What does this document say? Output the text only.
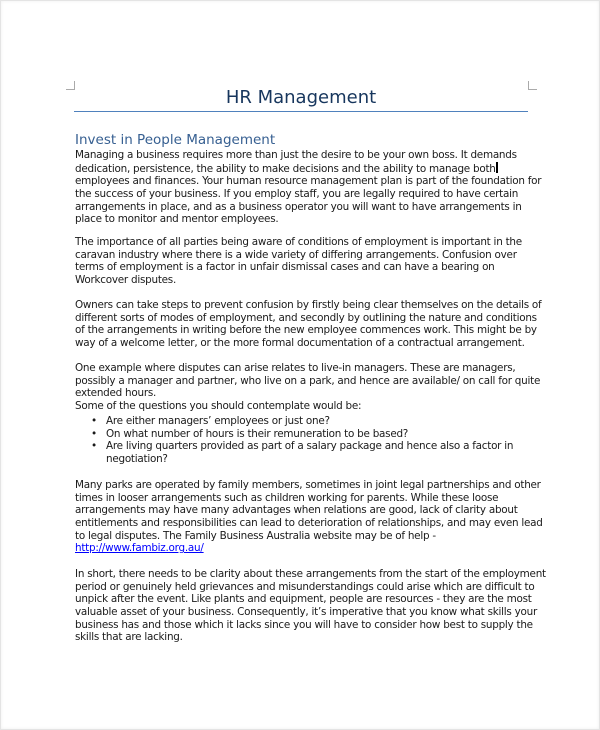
HR Management
Invest in People Management
Managing a business requires more than just the desire to be your own boss. It demands
dedication, persistence, the ability to make decisions and the ability to manage both
employees and finances. Your human resource management plan is part of the foundation for
the success of your business. If you employ staff, you are legally required to have certain
arrangements in place, and as a business operator you will want to have arrangements in
place to monitor and mentor employees.
The importance of all parties being aware of conditions of employment is important in the
caravan industry where there is a wide variety of differing arrangements. Confusion over
terms of employment is a factor in unfair dismissal cases and can have a bearing on
Workcover disputes.
Owners can take steps to prevent confusion by firstly being clear themselves on the details of
different sorts of modes of employment, and secondly by outlining the nature and conditions
of the arrangements in writing before the new employee commences work. This might be by
way of a welcome letter, or the more formal documentation of a contractual arrangement.
One example where disputes can arise relates to live-in managers. These are managers,
possibly a manager and partner, who live on a park, and hence are available/ on call for quite
extended hours.
Some of the questions you should contemplate would be:
• Are either managers’ employees or just one?
• On what number of hours is their remuneration to be based?
• Are living quarters provided as part of a salary package and hence also a factor in
negotiation?
Many parks are operated by family members, sometimes in joint legal partnerships and other
times in looser arrangements such as children working for parents. While these loose
arrangements may have many advantages when relations are good, lack of clarity about
entitlements and responsibilities can lead to deterioration of relationships, and may even lead
to legal disputes. The Family Business Australia website may be of help -
http://www.fambiz.org.au/
In short, there needs to be clarity about these arrangements from the start of the employment
period or genuinely held grievances and misunderstandings could arise which are difficult to
unpick after the event. Like plants and equipment, people are resources - they are the most
valuable asset of your business. Consequently, it’s imperative that you know what skills your
business has and those which it lacks since you will have to consider how best to supply the
skills that are lacking.
